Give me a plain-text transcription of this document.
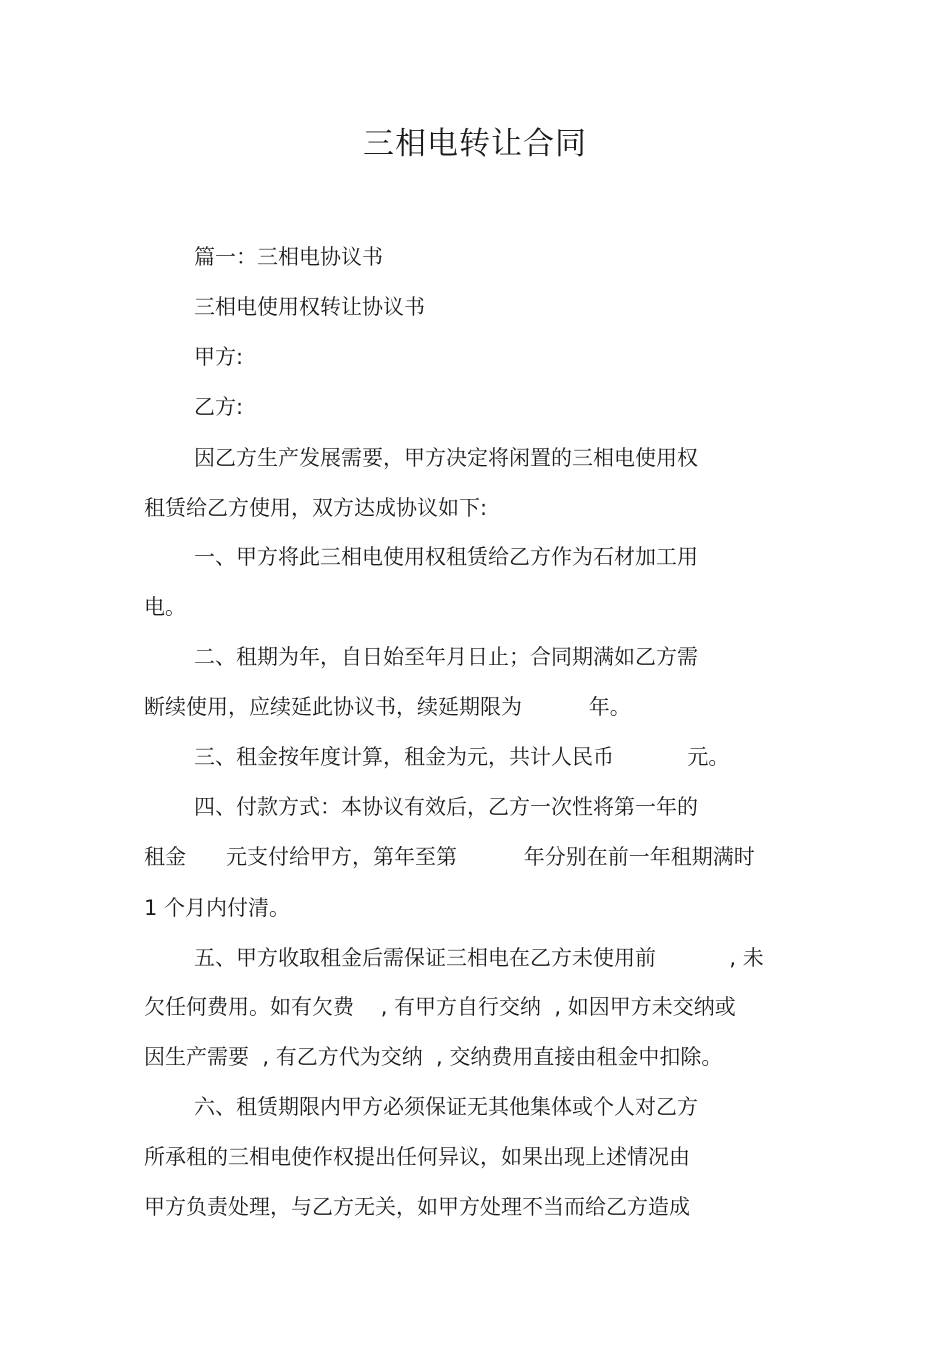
三相电转让合同
篇一：三相电协议书
三相电使用权转让协议书
甲方:
乙方:
因乙方生产发展需要，甲方决定将闲置的三相电使用权
租赁给乙方使用，双方达成协议如下:
一、甲方将此三相电使用权租赁给乙方作为石材加工用
电。
二、租期为年，自日始至年月日止；合同期满如乙方需
断续使用，应续延此协议书，续延期限为          年。
三、租金按年度计算，租金为元，共计人民币           元。
四、付款方式：本协议有效后，乙方一次性将第一年的
租金      元支付给甲方，第年至第          年分别在前一年租期满时
1 个月内付清。
五、甲方收取租金后需保证三相电在乙方未使用前           , 未
欠任何费用。如有欠费    , 有甲方自行交纳  , 如因甲方未交纳或
因生产需要  , 有乙方代为交纳  , 交纳费用直接由租金中扣除。
六、租赁期限内甲方必须保证无其他集体或个人对乙方
所承租的三相电使作权提出任何异议，如果出现上述情况由
甲方负责处理，与乙方无关，如甲方处理不当而给乙方造成
